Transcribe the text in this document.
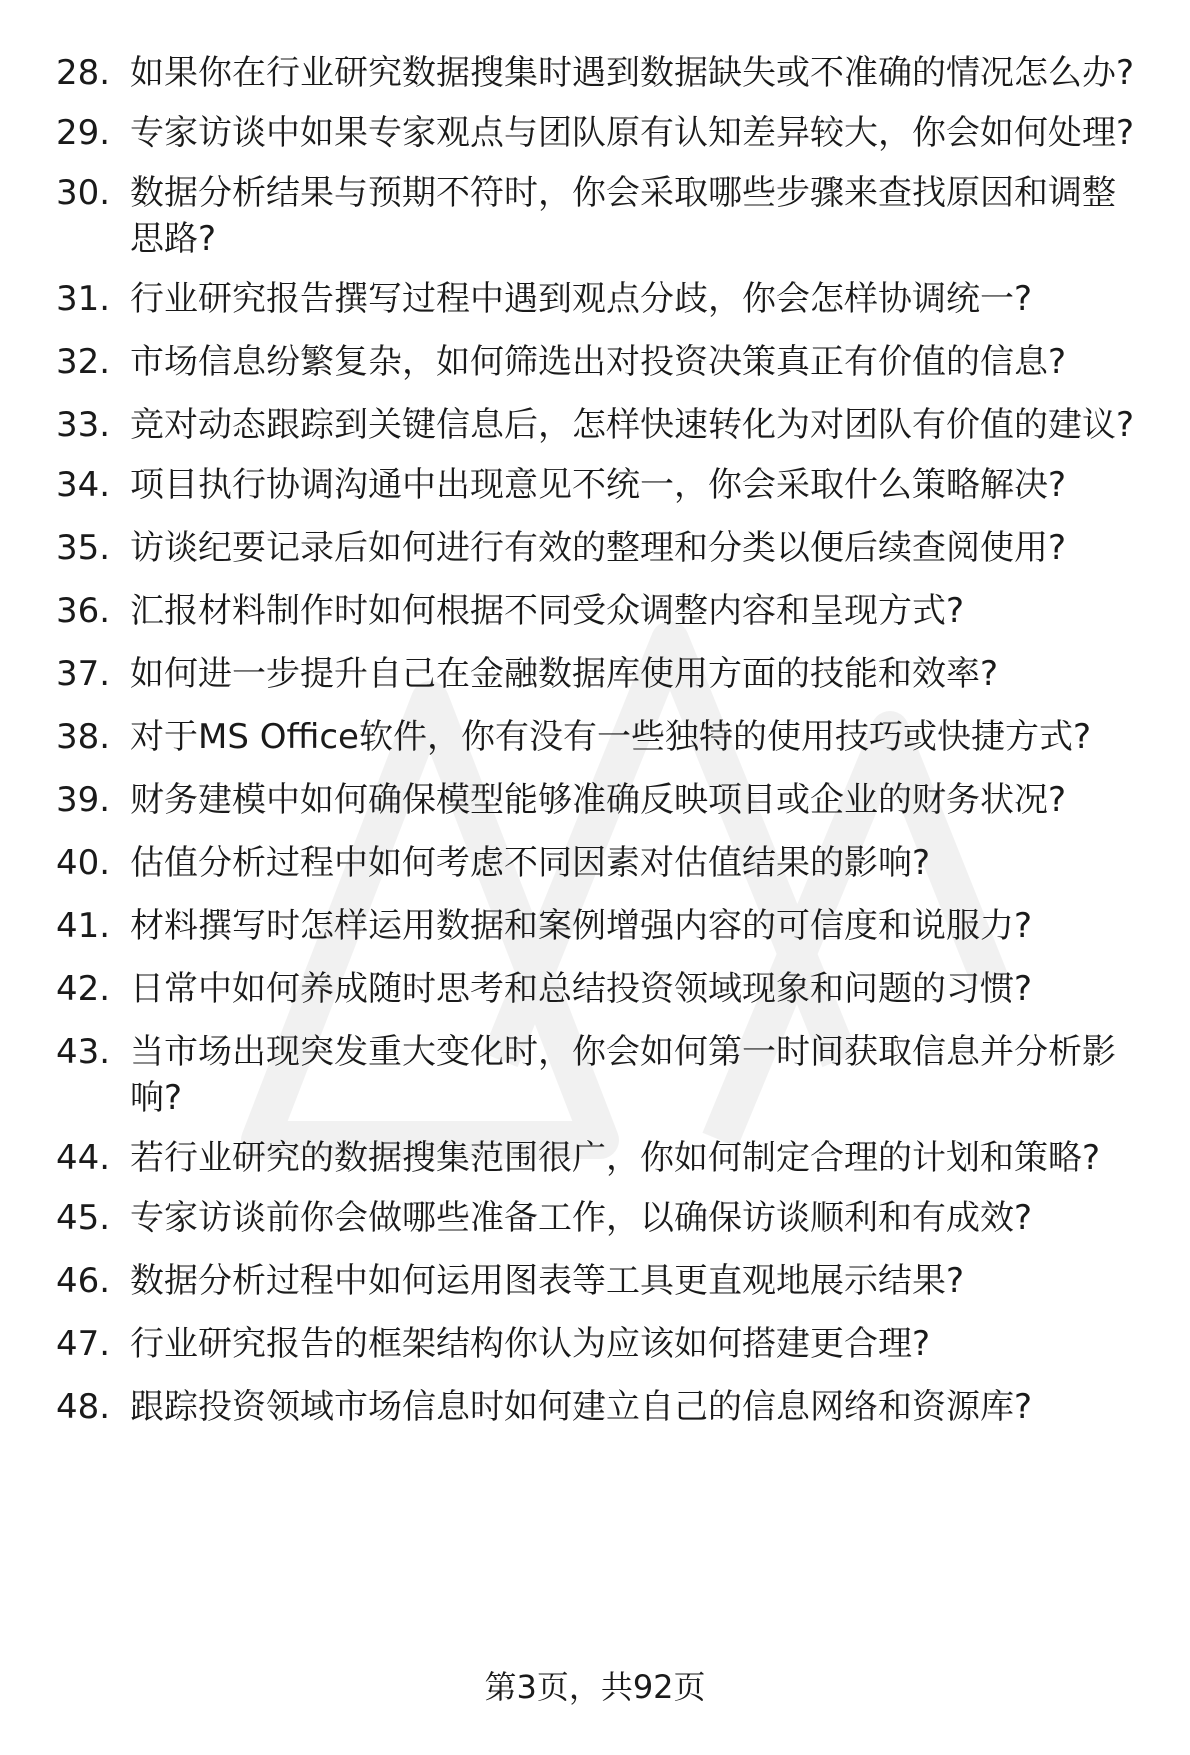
28. 如果你在行业研究数据搜集时遇到数据缺失或不准确的情况怎么办?
29. 专家访谈中如果专家观点与团队原有认知差异较大，你会如何处理?
30. 数据分析结果与预期不符时，你会采取哪些步骤来查找原因和调整思路?
31. 行业研究报告撰写过程中遇到观点分歧，你会怎样协调统一?
32. 市场信息纷繁复杂，如何筛选出对投资决策真正有价值的信息?
33. 竞对动态跟踪到关键信息后，怎样快速转化为对团队有价值的建议?
34. 项目执行协调沟通中出现意见不统一，你会采取什么策略解决?
35. 访谈纪要记录后如何进行有效的整理和分类以便后续查阅使用?
36. 汇报材料制作时如何根据不同受众调整内容和呈现方式?
37. 如何进一步提升自己在金融数据库使用方面的技能和效率?
38. 对于MS Office软件，你有没有一些独特的使用技巧或快捷方式?
39. 财务建模中如何确保模型能够准确反映项目或企业的财务状况?
40. 估值分析过程中如何考虑不同因素对估值结果的影响?
41. 材料撰写时怎样运用数据和案例增强内容的可信度和说服力?
42. 日常中如何养成随时思考和总结投资领域现象和问题的习惯?
43. 当市场出现突发重大变化时，你会如何第一时间获取信息并分析影响?
44. 若行业研究的数据搜集范围很广，你如何制定合理的计划和策略?
45. 专家访谈前你会做哪些准备工作，以确保访谈顺利和有成效?
46. 数据分析过程中如何运用图表等工具更直观地展示结果?
47. 行业研究报告的框架结构你认为应该如何搭建更合理?
48. 跟踪投资领域市场信息时如何建立自己的信息网络和资源库?
第3页，共92页
